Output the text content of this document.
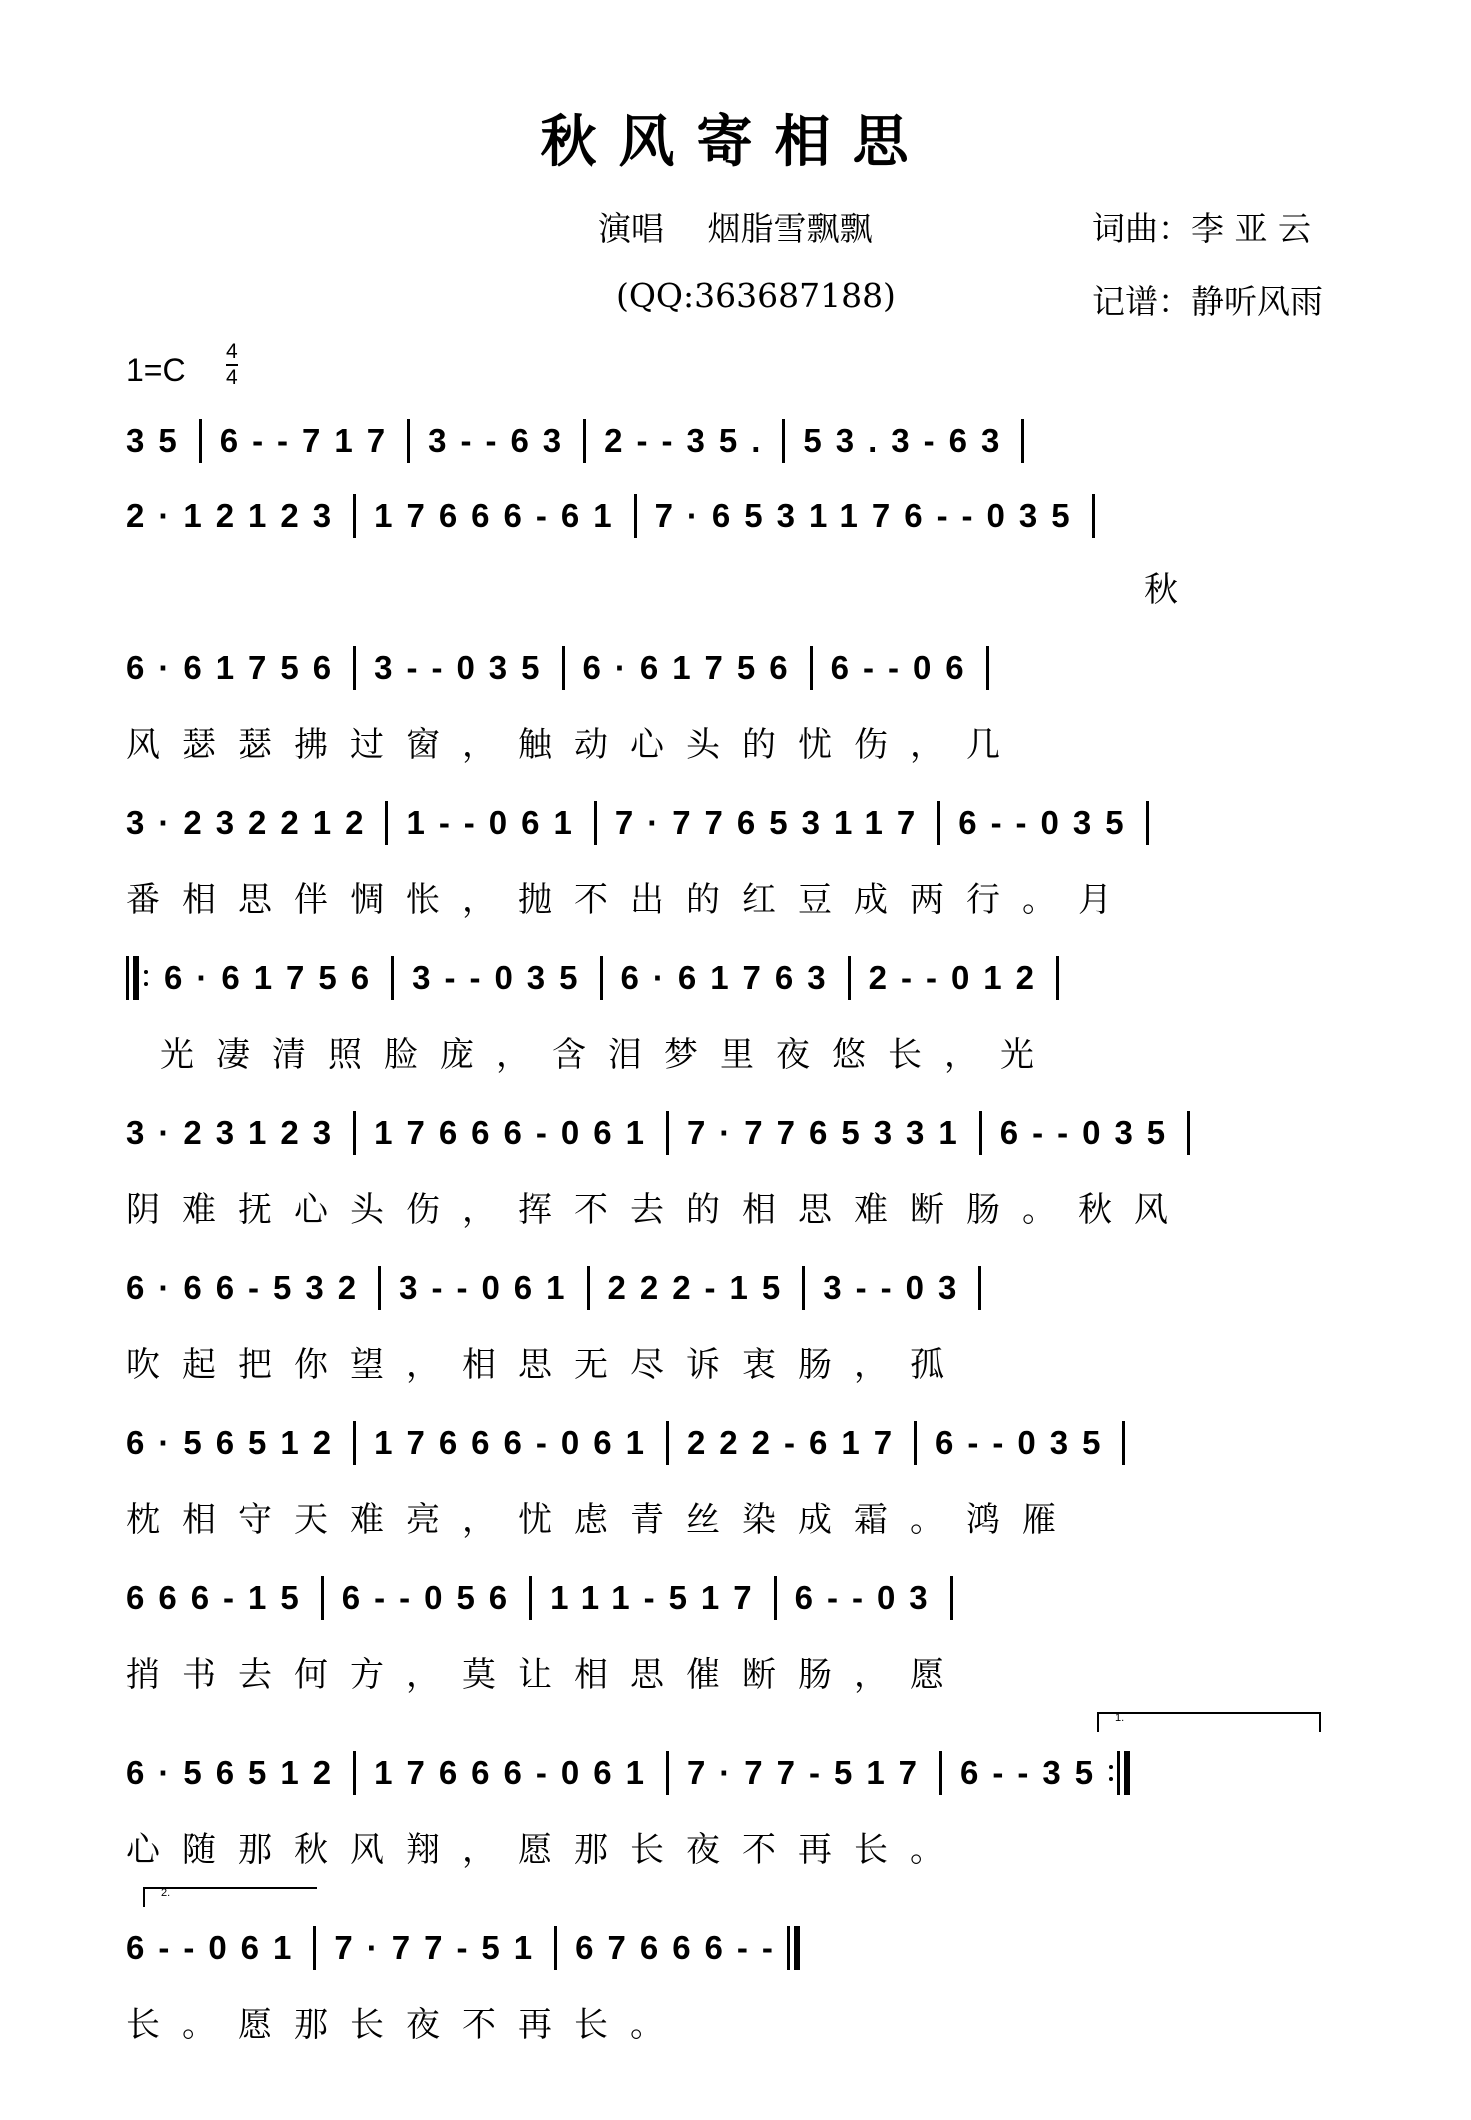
秋风寄相思
演唱　 烟脂雪飘飘	词曲：李 亚 云
(QQ:363687188)	记谱：静听风雨
1=C
4
4
35 6--717 3--63 2--35. 53.3-63
2·12123 17666-61 7·6531176--035
秋
6·61756 3--035 6·61756 6--06
风瑟瑟拂过窗，触动心头的忧伤，几
3·232212 1--061 7·77653117 6--035
番相思伴惆怅，抛不出的红豆成两行。月
6·61756 3--035 6·61763 2--012
光凄清照脸庞，含泪梦里夜悠长，光
3·23123 17666-061 7·7765331 6--035
阴难抚心头伤，挥不去的相思难断肠。秋风
6·66-532 3--061 222-15 3--03
吹起把你望，相思无尽诉衷肠，孤
6·56512 17666-061 222-617 6--035
枕相守天难亮，忧虑青丝染成霜。鸿雁
666-15 6--056 111-517 6--03
捎书去何方，莫让相思催断肠，愿
1.
6·56512 17666-061 7·77-517 6--35
心随那秋风翔，愿那长夜不再长。
2.
6--061 7·77-51 67666--
长。愿那长夜不再长。
